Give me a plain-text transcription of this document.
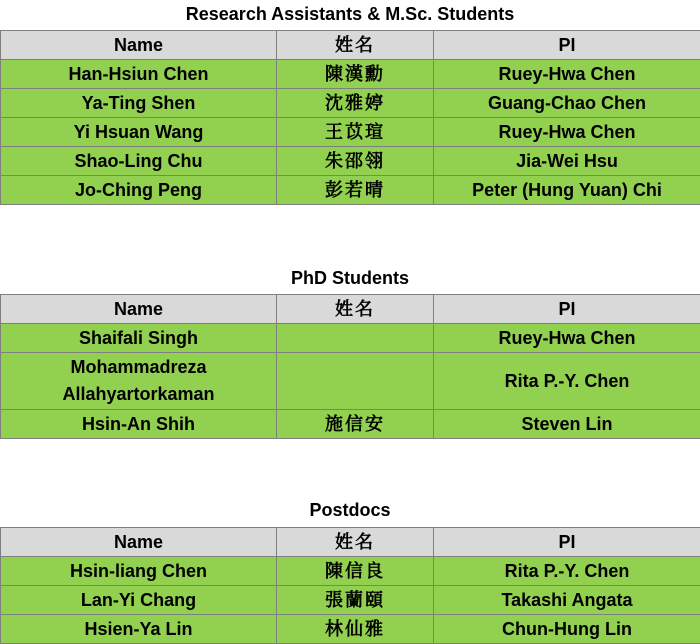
Research Assistants & M.Sc. Students
Name	姓名	PI
Han-Hsiun Chen	陳漢勳	Ruey-Hwa Chen
Ya-Ting Shen	沈雅婷	Guang-Chao Chen
Yi Hsuan Wang	王苡瑄	Ruey-Hwa Chen
Shao-Ling Chu	朱邵翎	Jia-Wei Hsu
Jo-Ching Peng	彭若晴	Peter (Hung Yuan) Chi
PhD Students
Name	姓名	PI
Shaifali Singh		Ruey-Hwa Chen
Mohammadreza
Allahyartorkaman		Rita P.-Y. Chen
Hsin-An Shih	施信安	Steven Lin
Postdocs
Name	姓名	PI
Hsin-liang Chen	陳信良	Rita P.-Y. Chen
Lan-Yi Chang	張蘭頤	Takashi Angata
Hsien-Ya Lin	林仙雅	Chun-Hung Lin
